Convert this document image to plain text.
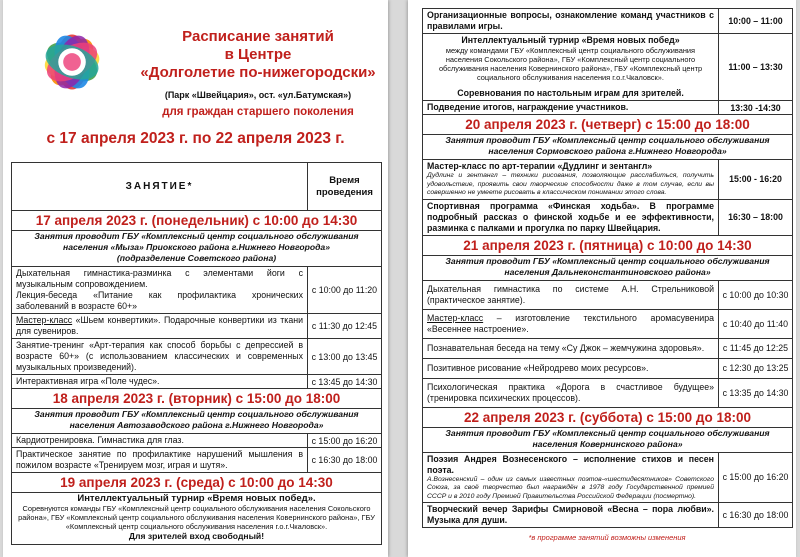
Расписание занятий
в Центре
«Долголетие по-нижегородски»
(Парк «Швейцария», ост. «ул.Батумская»)
для граждан старшего поколения
с 17 апреля 2023 г. по 22 апреля 2023 г.
ЗАНЯТИЕ*	Время проведения
17 апреля 2023 г. (понедельник) с 10:00 до 14:30	
Занятия проводит ГБУ «Комплексный центр социального обслуживания населения «Мыза» Приокского района г.Нижнего Новгорода»
(подразделение Советского района)	
Дыхательная гимнастика-разминка с элементами йоги с музыкальным сопровождением.
Лекция-беседа «Питание как профилактика хронических заболеваний в возрасте 60+»	с 10:00 до 11:20
Мастер-класс «Шьем конвертики». Подарочные конвертики из ткани для сувениров.	с 11:30 до 12:45
Занятие-тренинг «Арт-терапия как способ борьбы с депрессией в возрасте 60+» (с использованием классических и современных музыкальных произведений).	с 13:00 до 13:45
Интерактивная игра «Поле чудес».	с 13:45 до 14:30
18 апреля 2023 г. (вторник) с 15:00 до 18:00	
Занятия проводит ГБУ «Комплексный центр социального обслуживания населения Автозаводского района г.Нижнего Новгорода»	
Кардиотренировка. Гимнастика для глаз.	с 15:00 до 16:20
Практическое занятие по профилактике нарушений мышления в пожилом возрасте «Тренируем мозг, играя и шутя».	с 16:30 до 18:00
19 апреля 2023 г. (среда) с 10:00 до 14:30	
Интеллектуальный турнир «Время новых побед».

Соревнуются команды ГБУ «Комплексный центр социального обслуживания населения Сокольского района», ГБУ «Комплексный центр социального обслуживания населения Ковернинского района», ГБУ «Комплексный центр социального обслуживания населения г.о.г.Чкаловск».
Для зрителей вход свободный!	
Организационные вопросы, ознакомление команд участников с правилами игры.	10:00 – 11:00
Интеллектуальный турнир «Время новых побед»

между командами ГБУ «Комплексный центр социального обслуживания населения Сокольского района», ГБУ «Комплексный центр социального обслуживания населения Ковернинского района», ГБУ «Комплексный центр социального обслуживания населения г.о.г.Чкаловск».
Соревнования по настольным играм для зрителей.	11:00 – 13:30
Подведение итогов, награждение участников.	13:30 -14:30
20 апреля 2023 г. (четверг) с 15:00 до 18:00	
Занятия проводит ГБУ «Комплексный центр социального обслуживания населения Сормовского района г.Нижнего Новгорода»	
Мастер-класс по арт-терапии «Дудлинг и зентангл»
Дудлинг и зентангл – техники рисования, позволяющие расслабиться, получить удовольствие, проявить свои творческие способности даже в том случае, если вы совершенно не умеете рисовать в классическом понимании этого слова.	15:00 - 16:20
Спортивная программа «Финская ходьба». В программе подробный рассказ о финской ходьбе и ее эффективности, разминка с палками и прогулка по парку Швейцария.	16:30 – 18:00
21 апреля 2023 г. (пятница) с 10:00 до 14:30	
Занятия проводит ГБУ «Комплексный центр социального обслуживания населения Дальнеконстантиновского района»	
Дыхательная гимнастика по системе А.Н. Стрельниковой (практическое занятие).	с 10:00 до 10:30
Мастер-класс – изготовление текстильного аромасувенира «Весеннее настроение».	с 10:40 до 11:40
Познавательная беседа на тему «Су Джок – жемчужина здоровья».	с 11:45 до 12:25
Позитивное рисование «Нейродрево моих ресурсов».	с 12:30 до 13:25
Психологическая практика «Дорога в счастливое будущее» (тренировка психических процессов).	с 13:35 до 14:30
22 апреля 2023 г. (суббота) с 15:00 до 18:00	
Занятия проводит ГБУ «Комплексный центр социального обслуживания населения Ковернинского района»	
Поэзия Андрея Вознесенского – исполнение стихов и песен поэта.
А.Вознесенский – один из самых известных поэтов-«шестидесятников» Советского Союза, за своё творчество был награждён в 1978 году Государственной премией СССР и в 2010 году Премией Правительства Российской Федерации (посмертно).	с 15:00 до 16:20
Творческий вечер Зарифы Смирновой «Весна – пора любви». Музыка для души.	с 16:30 до 18:00
*в программе занятий возможны изменения
